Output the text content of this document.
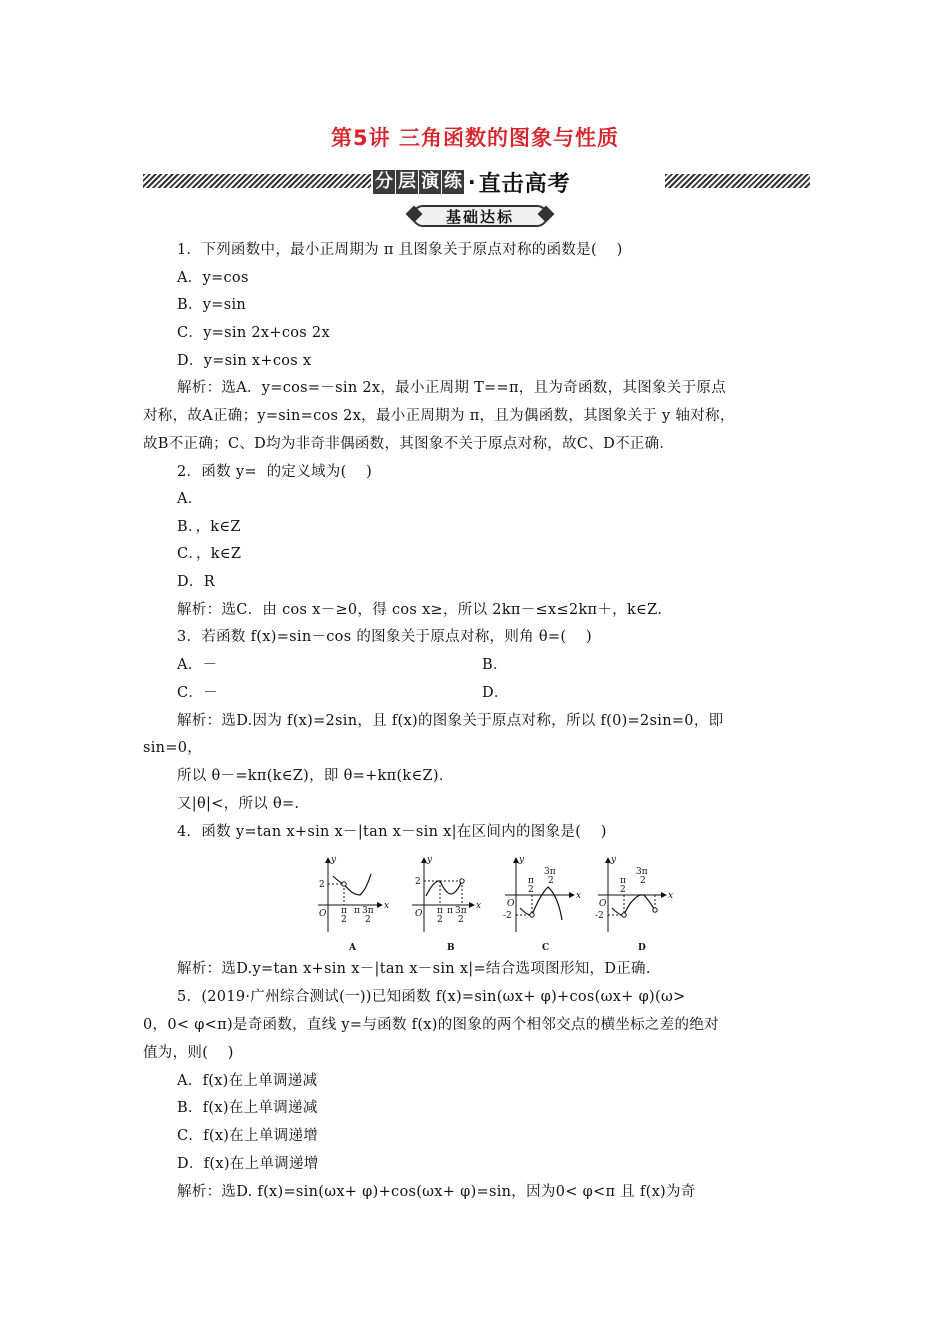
第5讲 三角函数的图象与性质
分 层 演 练 · 直击高考
基础达标
1．下列函数中，最小正周期为 π 且图象关于原点对称的函数是(    )
A．y=cos
B．y=sin
C．y=sin 2x+cos 2x
D．y=sin x+cos x
解析：选A．y=cos=－sin 2x，最小正周期 T==π，且为奇函数，其图象关于原点
对称，故A正确；y=sin=cos 2x，最小正周期为 π，且为偶函数，其图象关于 y 轴对称，
故B不正确；C、D均为非奇非偶函数，其图象不关于原点对称，故C、D不正确．
2．函数 y=  的定义域为(    )
A．
B．，k∈Z
C．，k∈Z
D．R
解析：选C．由 cos x－≥0，得 cos x≥，所以 2kπ－≤x≤2kπ＋，k∈Z.
3．若函数 f(x)=sin－cos 的图象关于原点对称，则角 θ=(    )
A．－	B．
C．－	D．
解析：选D.因为 f(x)=2sin，且 f(x)的图象关于原点对称，所以 f(0)=2sin=0，即
sin=0，
所以 θ－=kπ(k∈Z)，即 θ=+kπ(k∈Z)．
又|θ|<，所以 θ=.
4．函数 y=tan x+sin x－|tan x－sin x|在区间内的图象是(    )
y
x
O
2
π
2
π 3π
2
A
y
x
O
2
π
2
π 3π
2
B
y
x
O
-2
π
2
3π
2
C
y
x
O
-2
π
2
3π
2
D
解析：选D.y=tan x+sin x－|tan x－sin x|=结合选项图形知，D正确.
5．(2019·广州综合测试(一))已知函数 f(x)=sin(ωx+ φ)+cos(ωx+ φ)(ω>
0，0< φ<π)是奇函数，直线 y=与函数 f(x)的图象的两个相邻交点的横坐标之差的绝对
值为，则(    )
A．f(x)在上单调递减
B．f(x)在上单调递减
C．f(x)在上单调递增
D．f(x)在上单调递增
解析：选D. f(x)=sin(ωx+ φ)+cos(ωx+ φ)=sin，因为0< φ<π 且 f(x)为奇
